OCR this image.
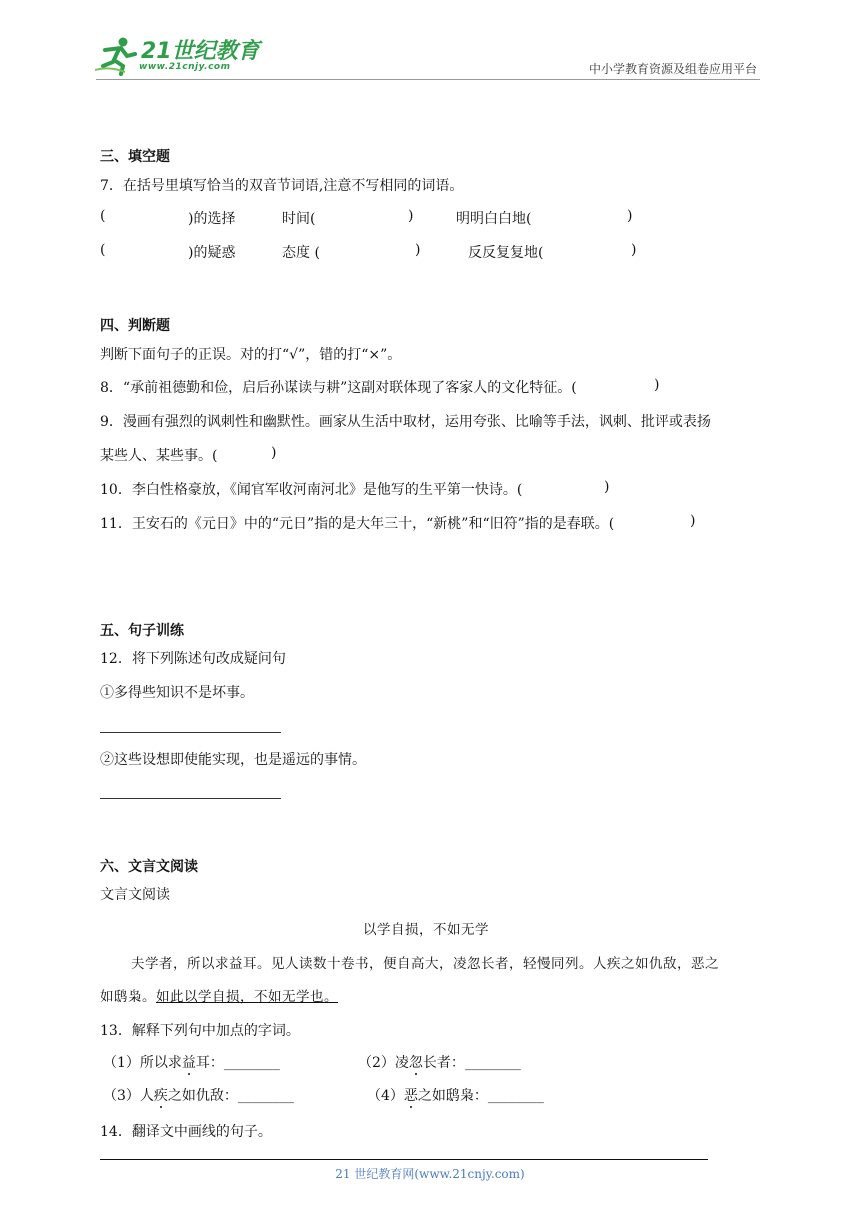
21世纪教育
www.21cnjy.com	中小学教育资源及组卷应用平台
三、填空题
7．在括号里填写恰当的双音节词语,注意不写相同的词语。
(	)的选择	时间(	)	明明白白地(	)
(	)的疑惑	态度 (	)	反反复复地(	)
四、判断题
判断下面句子的正误。对的打“√”，错的打“×”。
8．“承前祖德勤和俭，启后孙谋读与耕”这副对联体现了客家人的文化特征。(	)
9．漫画有强烈的讽刺性和幽默性。画家从生活中取材，运用夸张、比喻等手法，讽刺、批评或表扬
某些人、某些事。(	)
10．李白性格豪放，《闻官军收河南河北》是他写的生平第一快诗。(	)
11．王安石的《元日》中的“元日”指的是大年三十，“新桃”和“旧符”指的是春联。(	)
五、句子训练
12．将下列陈述句改成疑问句
①多得些知识不是坏事。
②这些设想即使能实现，也是遥远的事情。
六、文言文阅读
文言文阅读
以学自损，不如无学
夫学者，所以求益耳。见人读数十卷书，便自高大，凌忽长者，轻慢同列。人疾之如仇敌，恶之
如鸱枭。如此以学自损，不如无学也。
13．解释下列句中加点的字词。
（1）所以求益耳：________	（2）凌忽长者：________
（3）人疾之如仇敌：________	（4）恶之如鸱枭：________
14．翻译文中画线的句子。
21 世纪教育网(www.21cnjy.com)
